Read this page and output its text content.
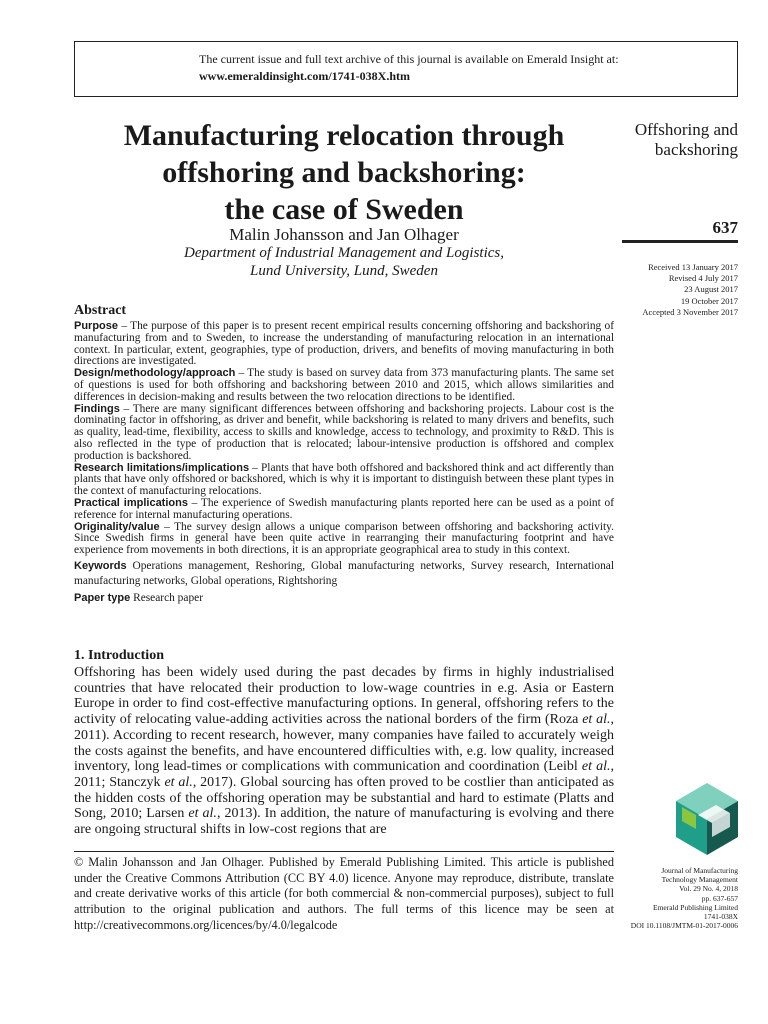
The current issue and full text archive of this journal is available on Emerald Insight at:
www.emeraldinsight.com/1741-038X.htm
Manufacturing relocation through
offshoring and backshoring:
the case of Sweden
Offshoring and
backshoring
637
Malin Johansson and Jan Olhager
Department of Industrial Management and Logistics,
Lund University, Lund, Sweden	Received 13 January 2017
Revised 4 July 2017
23 August 2017
19 October 2017
Accepted 3 November 2017
Abstract

Purpose – The purpose of this paper is to present recent empirical results concerning offshoring and backshoring of manufacturing from and to Sweden, to increase the understanding of manufacturing relocation in an international context. In particular, extent, geographies, type of production, drivers, and benefits of moving manufacturing in both directions are investigated.

Design/methodology/approach – The study is based on survey data from 373 manufacturing plants. The same set of questions is used for both offshoring and backshoring between 2010 and 2015, which allows similarities and differences in decision-making and results between the two relocation directions to be identified.

Findings – There are many significant differences between offshoring and backshoring projects. Labour cost is the dominating factor in offshoring, as driver and benefit, while backshoring is related to many drivers and benefits, such as quality, lead-time, flexibility, access to skills and knowledge, access to technology, and proximity to R&D. This is also reflected in the type of production that is relocated; labour-intensive production is offshored and complex production is backshored.

Research limitations/implications – Plants that have both offshored and backshored think and act differently than plants that have only offshored or backshored, which is why it is important to distinguish between these plant types in the context of manufacturing relocations.

Practical implications – The experience of Swedish manufacturing plants reported here can be used as a point of reference for internal manufacturing operations.

Originality/value – The survey design allows a unique comparison between offshoring and backshoring activity. Since Swedish firms in general have been quite active in rearranging their manufacturing footprint and have experience from movements in both directions, it is an appropriate geographical area to study in this context.

Keywords Operations management, Reshoring, Global manufacturing networks, Survey research, International manufacturing networks, Global operations, Rightshoring

Paper type Research paper

1. Introduction

Offshoring has been widely used during the past decades by firms in highly industrialised countries that have relocated their production to low-wage countries in e.g. Asia or Eastern Europe in order to find cost-effective manufacturing options. In general, offshoring refers to the activity of relocating value-adding activities across the national borders of the firm (Roza et al., 2011). According to recent research, however, many companies have failed to accurately weigh the costs against the benefits, and have encountered difficulties with, e.g. low quality, increased inventory, long lead-times or complications with communication and coordination (Leibl et al., 2011; Stanczyk et al., 2017). Global sourcing has often proved to be costlier than anticipated as the hidden costs of the offshoring operation may be substantial and hard to estimate (Platts and Song, 2010; Larsen et al., 2013). In addition, the nature of manufacturing is evolving and there are ongoing structural shifts in low-cost regions that are

© Malin Johansson and Jan Olhager. Published by Emerald Publishing Limited. This article is published under the Creative Commons Attribution (CC BY 4.0) licence. Anyone may reproduce, distribute, translate and create derivative works of this article (for both commercial & non-commercial purposes), subject to full attribution to the original publication and authors. The full terms of this licence may be seen at http://creativecommons.org/licences/by/4.0/legalcode

Journal of Manufacturing
Technology Management
Vol. 29 No. 4, 2018
pp. 637-657
Emerald Publishing Limited
1741-038X
DOI 10.1108/JMTM-01-2017-0006
